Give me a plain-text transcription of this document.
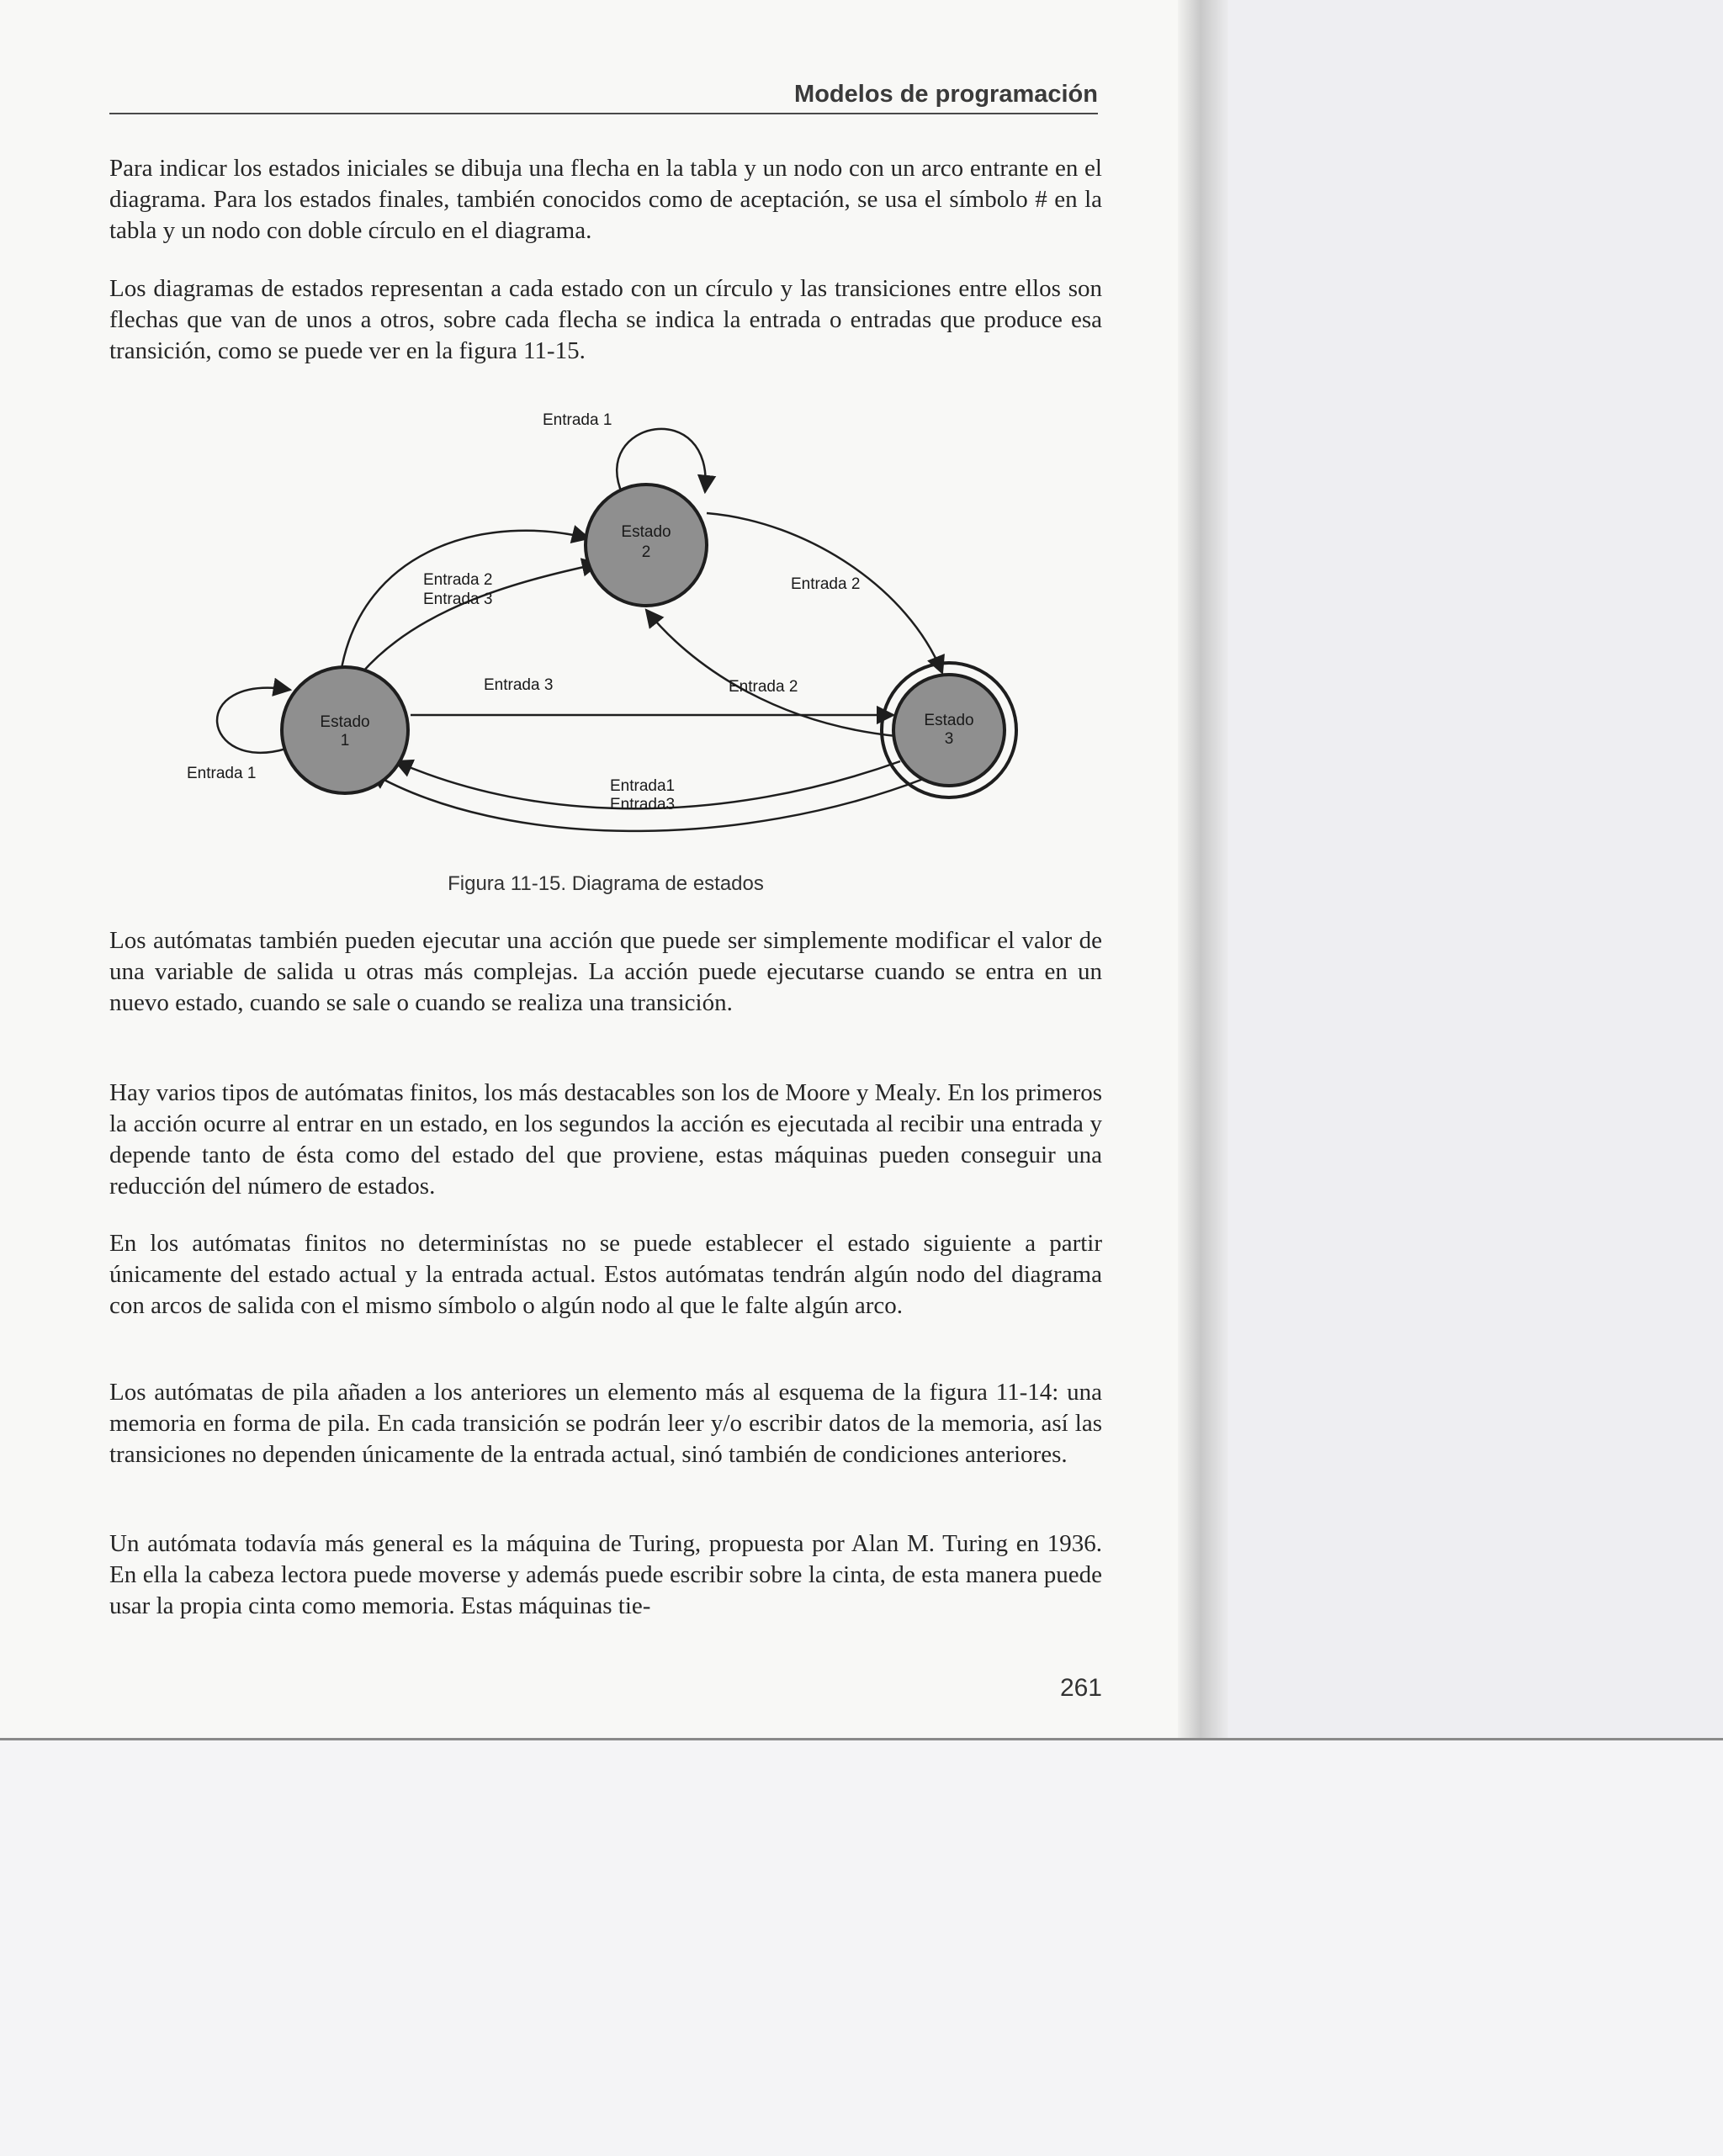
Modelos de programación

Para indicar los estados iniciales se dibuja una flecha en la tabla y un nodo con un arco entrante en el diagrama. Para los estados finales, también conocidos como de aceptación, se usa el símbolo # en la tabla y un nodo con doble círculo en el diagrama.

Los diagramas de estados representan a cada estado con un círculo y las transiciones entre ellos son flechas que van de unos a otros, sobre cada flecha se indica la entrada o entradas que produce esa transición, como se puede ver en la figura 11-15.

Estado
1
Estado
2
Estado
3
Entrada 1
Entrada 2
Entrada 3
Entrada 2
Entrada 3	Entrada 2
Entrada 1
Entrada1
Entrada3
Figura 11-15. Diagrama de estados

Los autómatas también pueden ejecutar una acción que puede ser simplemente modificar el valor de una variable de salida u otras más complejas. La acción puede ejecutarse cuando se entra en un nuevo estado, cuando se sale o cuando se realiza una transición.

Hay varios tipos de autómatas finitos, los más destacables son los de Moore y Mealy. En los primeros la acción ocurre al entrar en un estado, en los segundos la acción es ejecutada al recibir una entrada y depende tanto de ésta como del estado del que proviene, estas máquinas pueden conseguir una reducción del número de estados.

En los autómatas finitos no determinístas no se puede establecer el estado siguiente a partir únicamente del estado actual y la entrada actual. Estos autómatas tendrán algún nodo del diagrama con arcos de salida con el mismo símbolo o algún nodo al que le falte algún arco.

Los autómatas de pila añaden a los anteriores un elemento más al esquema de la figura 11-14: una memoria en forma de pila. En cada transición se podrán leer y/o escribir datos de la memoria, así las transiciones no dependen únicamente de la entrada actual, sinó también de condiciones anteriores.

Un autómata todavía más general es la máquina de Turing, propuesta por Alan M. Turing en 1936. En ella la cabeza lectora puede moverse y además puede escribir sobre la cinta, de esta manera puede usar la propia cinta como memoria. Estas máquinas tie-

261
